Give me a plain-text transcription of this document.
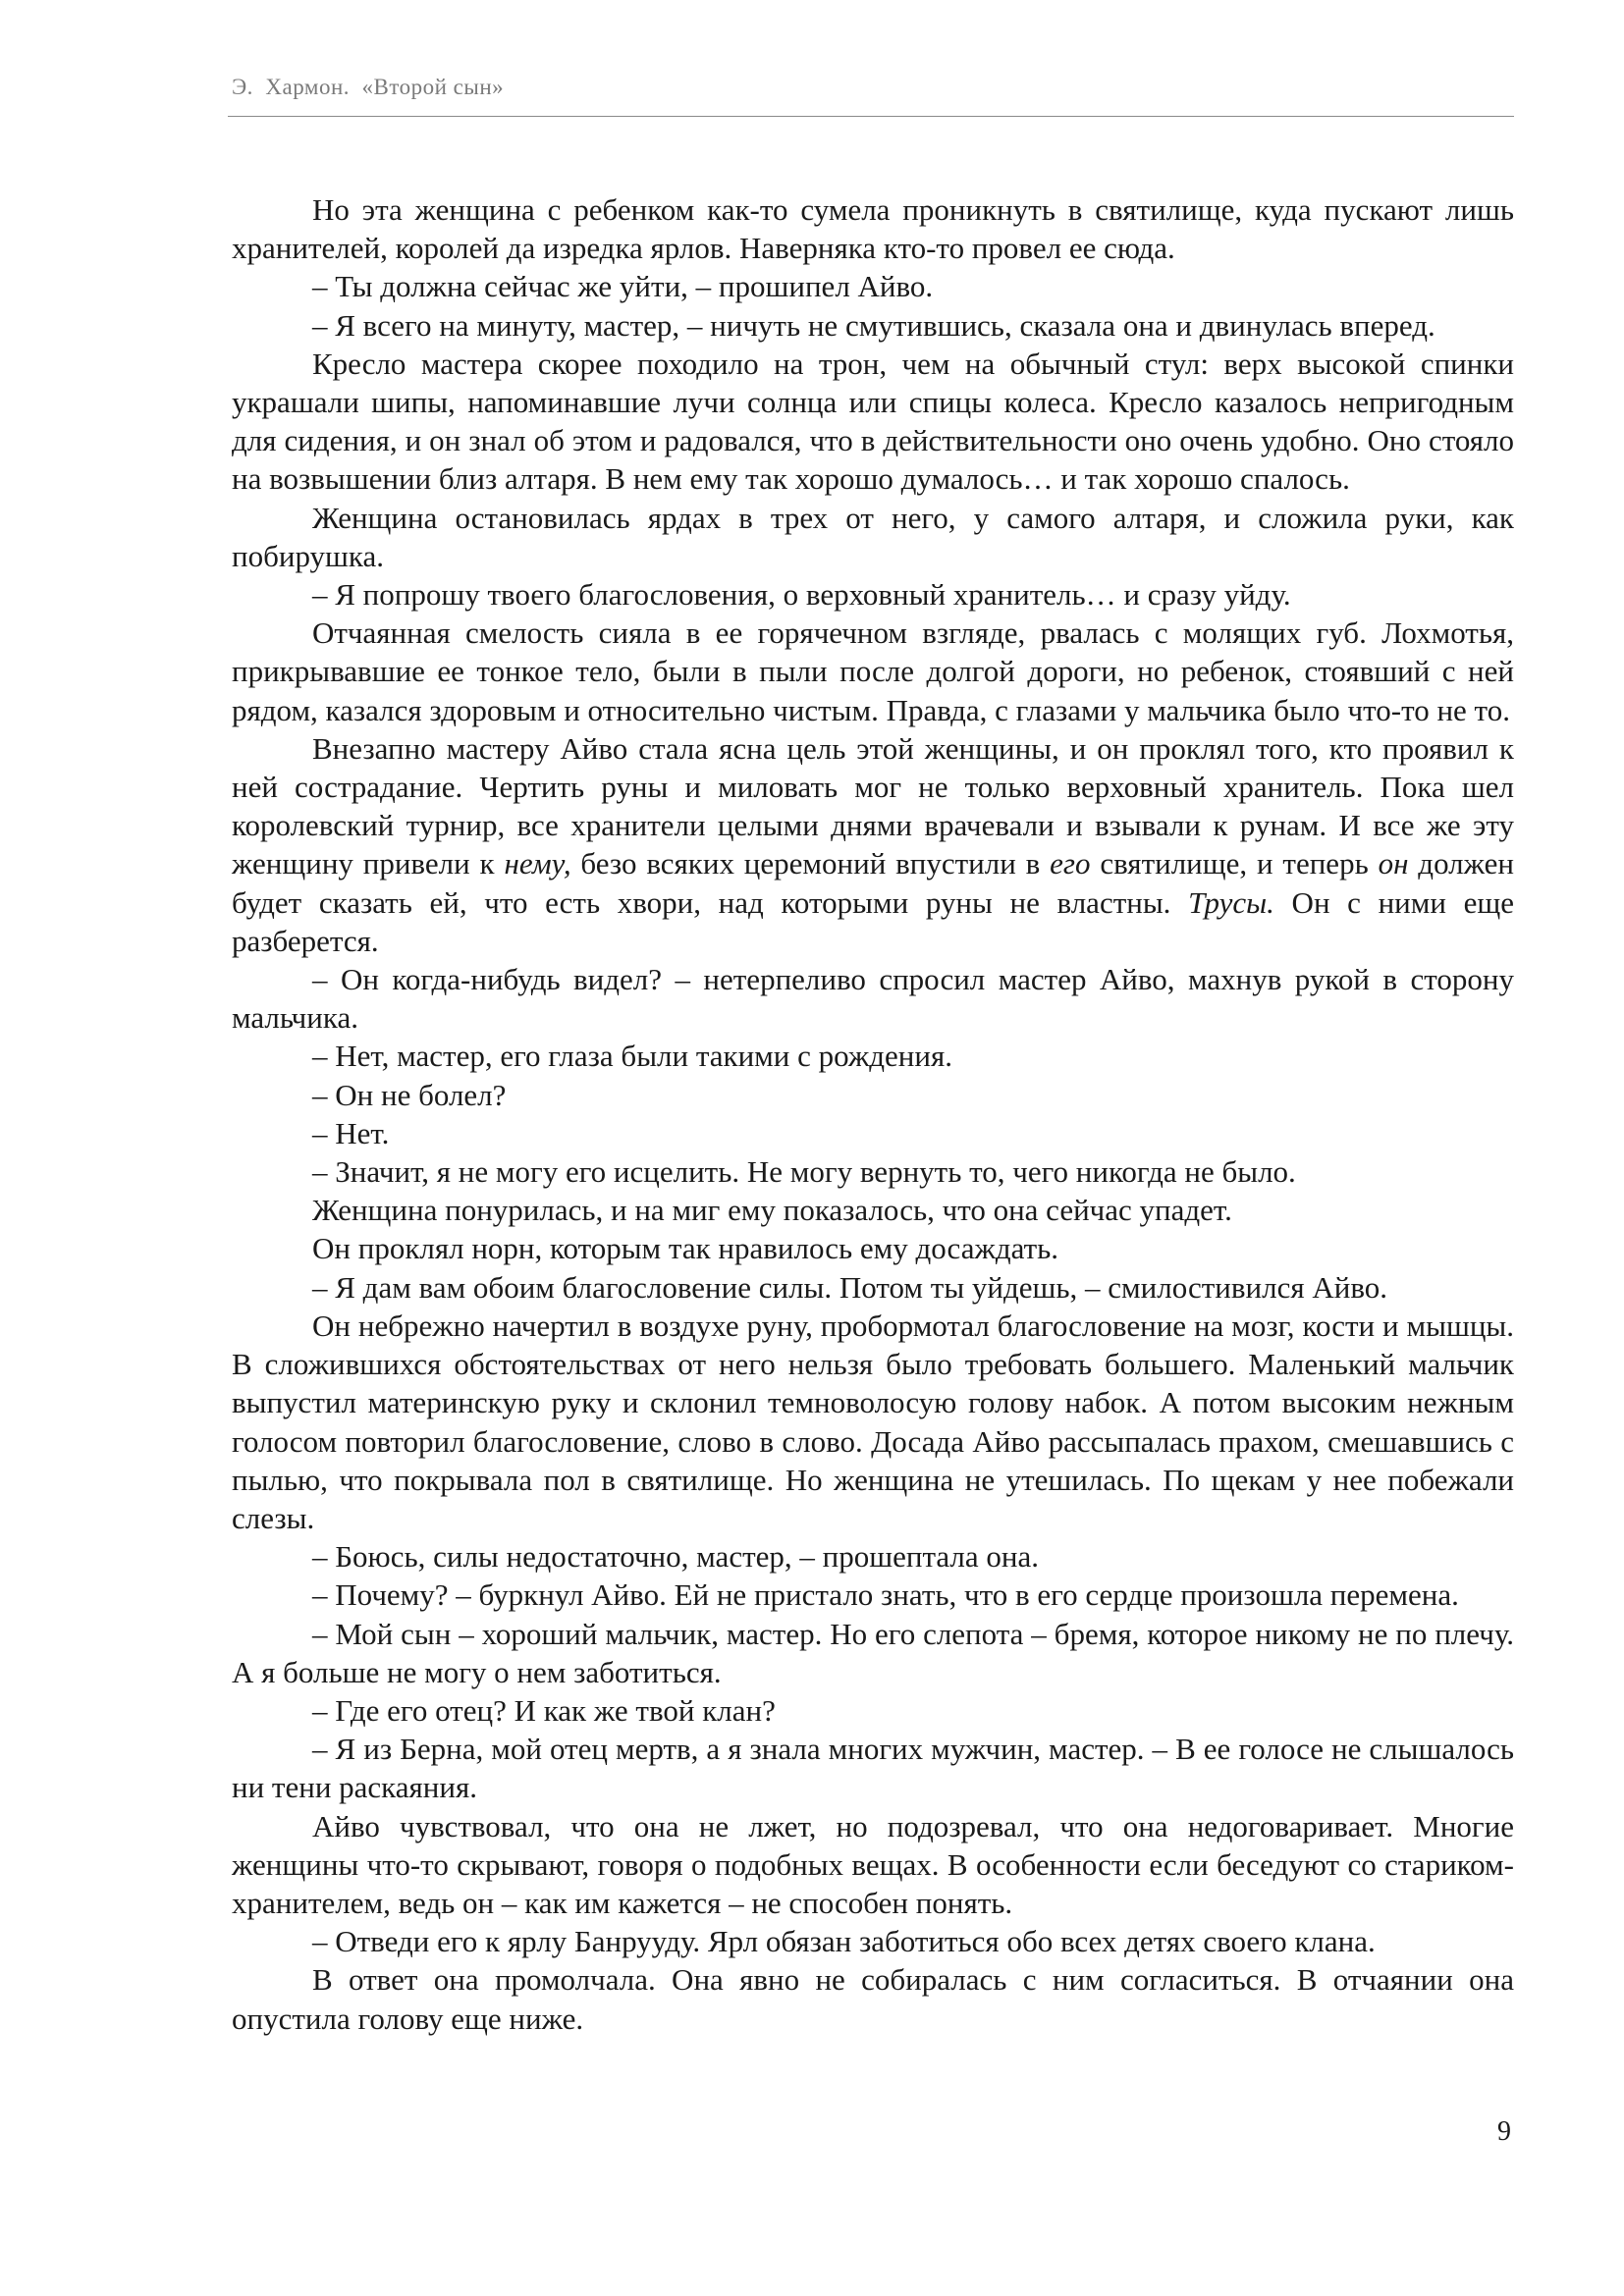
Э.  Хармон.  «Второй сын»

Но эта женщина с ребенком как-то сумела проникнуть в святилище, куда пускают лишь хранителей, королей да изредка ярлов. Наверняка кто-то провел ее сюда.

– Ты должна сейчас же уйти, – прошипел Айво.

– Я всего на минуту, мастер, – ничуть не смутившись, сказала она и двинулась вперед.

Кресло мастера скорее походило на трон, чем на обычный стул: верх высокой спинки украшали шипы, напоминавшие лучи солнца или спицы колеса. Кресло казалось непригодным для сидения, и он знал об этом и радовался, что в действительности оно очень удобно. Оно стояло на возвышении близ алтаря. В нем ему так хорошо думалось… и так хорошо спалось.

Женщина остановилась ярдах в трех от него, у самого алтаря, и сложила руки, как побирушка.

– Я попрошу твоего благословения, о верховный хранитель… и сразу уйду.

Отчаянная смелость сияла в ее горячечном взгляде, рвалась с молящих губ. Лохмотья, прикрывавшие ее тонкое тело, были в пыли после долгой дороги, но ребенок, стоявший с ней рядом, казался здоровым и относительно чистым. Правда, с глазами у мальчика было что-то не то.

Внезапно мастеру Айво стала ясна цель этой женщины, и он проклял того, кто проявил к ней сострадание. Чертить руны и миловать мог не только верховный хранитель. Пока шел королевский турнир, все хранители целыми днями врачевали и взывали к рунам. И все же эту женщину привели к нему, безо всяких церемоний впустили в его святилище, и теперь он должен будет сказать ей, что есть хвори, над которыми руны не властны. Трусы. Он с ними еще разберется.

– Он когда-нибудь видел? – нетерпеливо спросил мастер Айво, махнув рукой в сторону мальчика.

– Нет, мастер, его глаза были такими с рождения.

– Он не болел?

– Нет.

– Значит, я не могу его исцелить. Не могу вернуть то, чего никогда не было.

Женщина понурилась, и на миг ему показалось, что она сейчас упадет.

Он проклял норн, которым так нравилось ему досаждать.

– Я дам вам обоим благословение силы. Потом ты уйдешь, – смилостивился Айво.

Он небрежно начертил в воздухе руну, пробормотал благословение на мозг, кости и мышцы. В сложившихся обстоятельствах от него нельзя было требовать большего. Маленький мальчик выпустил материнскую руку и склонил темноволосую голову набок. А потом высоким нежным голосом повторил благословение, слово в слово. Досада Айво рассыпалась прахом, смешавшись с пылью, что покрывала пол в святилище. Но женщина не утешилась. По щекам у нее побежали слезы.

– Боюсь, силы недостаточно, мастер, – прошептала она.

– Почему? – буркнул Айво. Ей не пристало знать, что в его сердце произошла перемена.

– Мой сын – хороший мальчик, мастер. Но его слепота – бремя, которое никому не по плечу. А я больше не могу о нем заботиться.

– Где его отец? И как же твой клан?

– Я из Берна, мой отец мертв, а я знала многих мужчин, мастер. – В ее голосе не слышалось ни тени раскаяния.

Айво чувствовал, что она не лжет, но подозревал, что она недоговаривает. Многие женщины что-то скрывают, говоря о подобных вещах. В особенности если беседуют со стариком-хранителем, ведь он – как им кажется – не способен понять.

– Отведи его к ярлу Банрууду. Ярл обязан заботиться обо всех детях своего клана.

В ответ она промолчала. Она явно не собиралась с ним согласиться. В отчаянии она опустила голову еще ниже.

9
